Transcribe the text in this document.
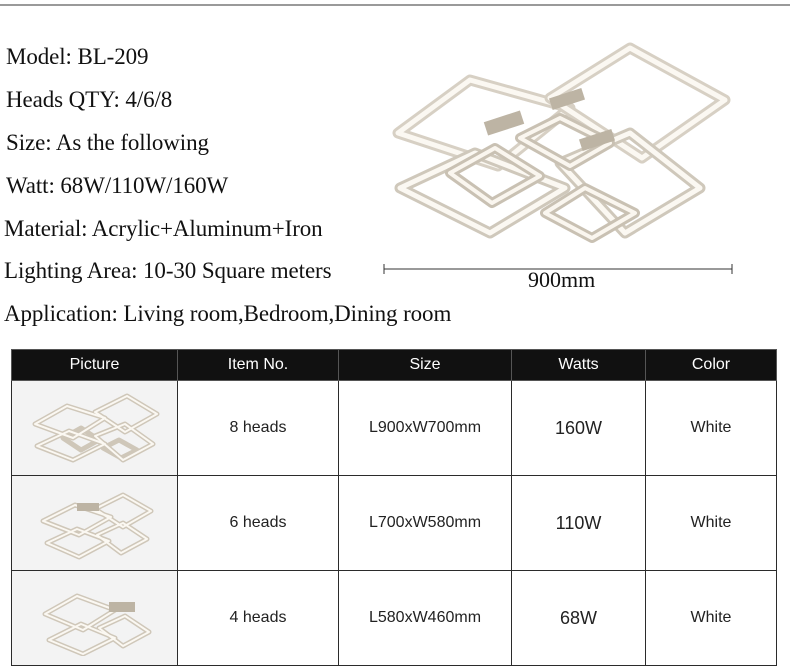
Model: BL-209
Heads QTY: 4/6/8
Size: As the following
Watt: 68W/110W/160W
Material: Acrylic+Aluminum+Iron
Lighting Area: 10-30 Square meters
Application: Living room,Bedroom,Dining room
900mm
Picture	Item No.	Size	Watts	Color
	8 heads	L900xW700mm	160W	White
	6 heads	L700xW580mm	110W	White
	4 heads	L580xW460mm	68W	White
